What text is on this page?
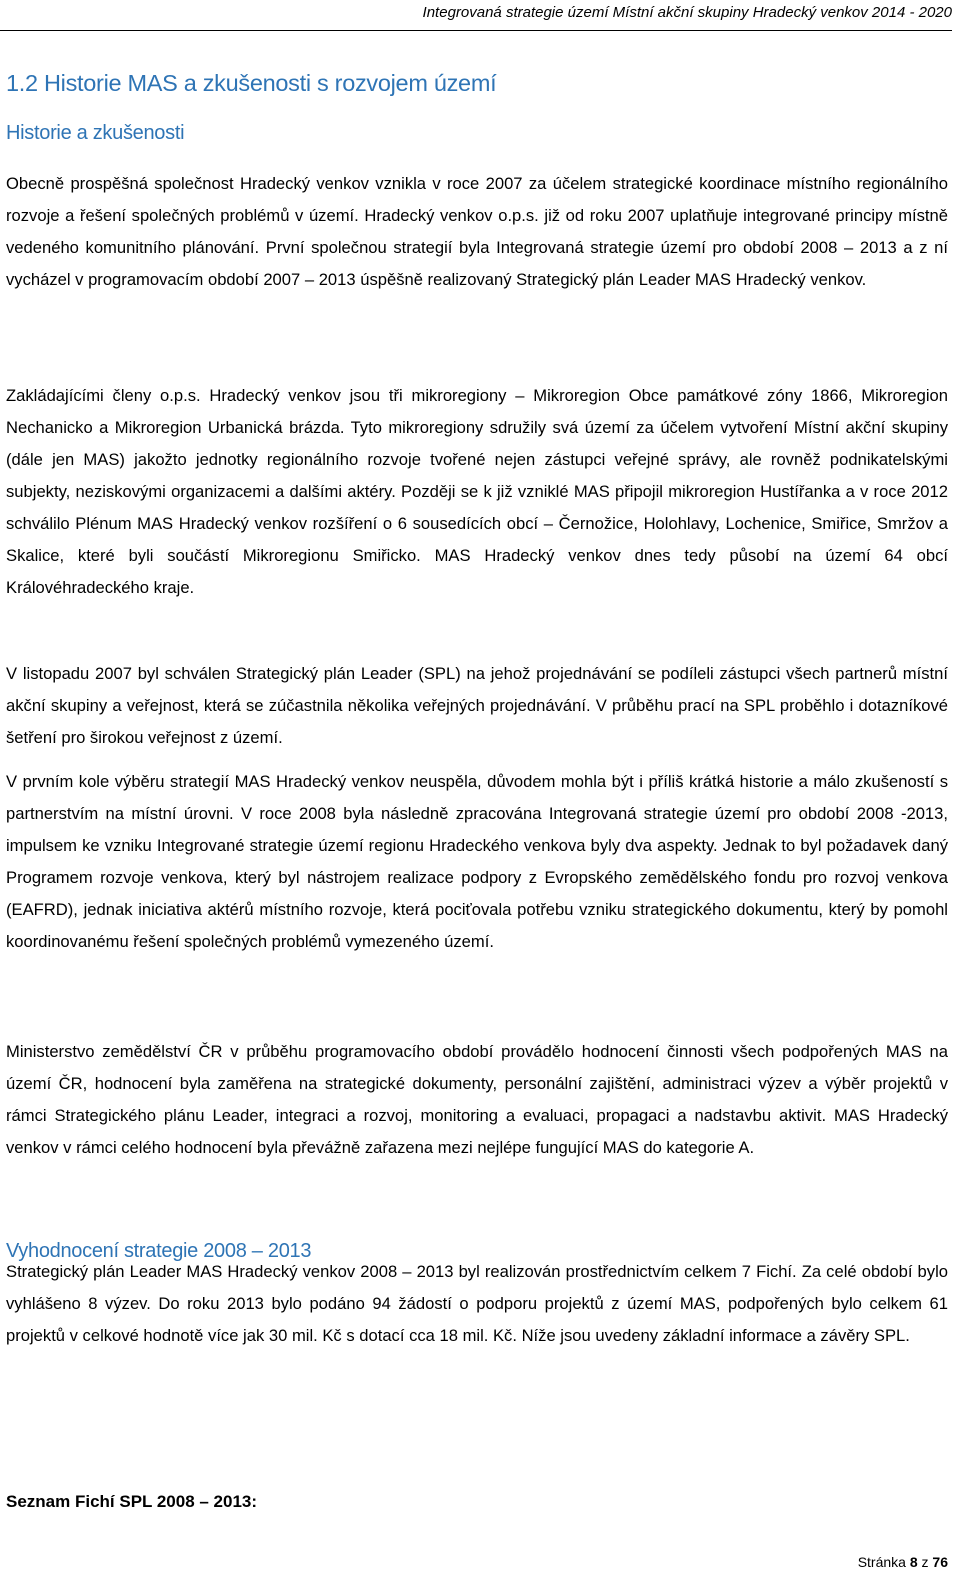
Integrovaná strategie území Místní akční skupiny Hradecký venkov 2014 - 2020
1.2 Historie MAS a zkušenosti s rozvojem území
Historie a zkušenosti
Obecně prospěšná společnost Hradecký venkov vznikla v roce 2007 za účelem strategické koordinace místního regionálního rozvoje a řešení společných problémů v území. Hradecký venkov o.p.s. již od roku 2007 uplatňuje integrované principy místně vedeného komunitního plánování. První společnou strategií byla Integrovaná strategie území pro období 2008 – 2013 a z ní vycházel v programovacím období 2007 – 2013 úspěšně realizovaný Strategický plán Leader MAS Hradecký venkov.
Zakládajícími členy o.p.s. Hradecký venkov jsou tři mikroregiony – Mikroregion Obce památkové zóny 1866, Mikroregion Nechanicko a Mikroregion Urbanická brázda. Tyto mikroregiony sdružily svá území za účelem vytvoření Místní akční skupiny (dále jen MAS) jakožto jednotky regionálního rozvoje tvořené nejen zástupci veřejné správy, ale rovněž podnikatelskými subjekty, neziskovými organizacemi a dalšími aktéry. Později se k již vzniklé MAS připojil mikroregion Hustířanka a v roce 2012 schválilo Plénum MAS Hradecký venkov rozšíření o 6 sousedících obcí – Černožice, Holohlavy, Lochenice, Smiřice, Smržov a Skalice, které byli součástí Mikroregionu Smiřicko. MAS Hradecký venkov dnes tedy působí na území 64 obcí Královéhradeckého kraje.
V listopadu 2007 byl schválen Strategický plán Leader (SPL) na jehož projednávání se podíleli zástupci všech partnerů místní akční skupiny a veřejnost, která se zúčastnila několika veřejných projednávání. V průběhu prací na SPL proběhlo i dotazníkové šetření pro širokou veřejnost z území.
V prvním kole výběru strategií MAS Hradecký venkov neuspěla, důvodem mohla být i příliš krátká historie a málo zkušeností s partnerstvím na místní úrovni. V roce 2008 byla následně zpracována Integrovaná strategie území pro období 2008 -2013, impulsem ke vzniku Integrované strategie území regionu Hradeckého venkova byly dva aspekty. Jednak to byl požadavek daný Programem rozvoje venkova, který byl nástrojem realizace podpory z Evropského zemědělského fondu pro rozvoj venkova (EAFRD), jednak iniciativa aktérů místního rozvoje, která pociťovala potřebu vzniku strategického dokumentu, který by pomohl koordinovanému řešení společných problémů vymezeného území.
Ministerstvo zemědělství ČR v průběhu programovacího období provádělo hodnocení činnosti všech podpořených MAS na území ČR, hodnocení byla zaměřena na strategické dokumenty, personální zajištění, administraci výzev a výběr projektů v rámci Strategického plánu Leader, integraci a rozvoj, monitoring a evaluaci, propagaci a nadstavbu aktivit. MAS Hradecký venkov v rámci celého hodnocení byla převážně zařazena mezi nejlépe fungující MAS do kategorie A.
Vyhodnocení strategie 2008 – 2013
Strategický plán Leader MAS Hradecký venkov 2008 – 2013 byl realizován prostřednictvím celkem 7 Fichí. Za celé období bylo vyhlášeno 8 výzev. Do roku 2013 bylo podáno 94 žádostí o podporu projektů z území MAS, podpořených bylo celkem 61 projektů v celkové hodnotě více jak 30 mil. Kč s dotací cca 18 mil. Kč. Níže jsou uvedeny základní informace a závěry SPL.
Seznam Fichí SPL 2008 – 2013:
Stránka 8 z 76
